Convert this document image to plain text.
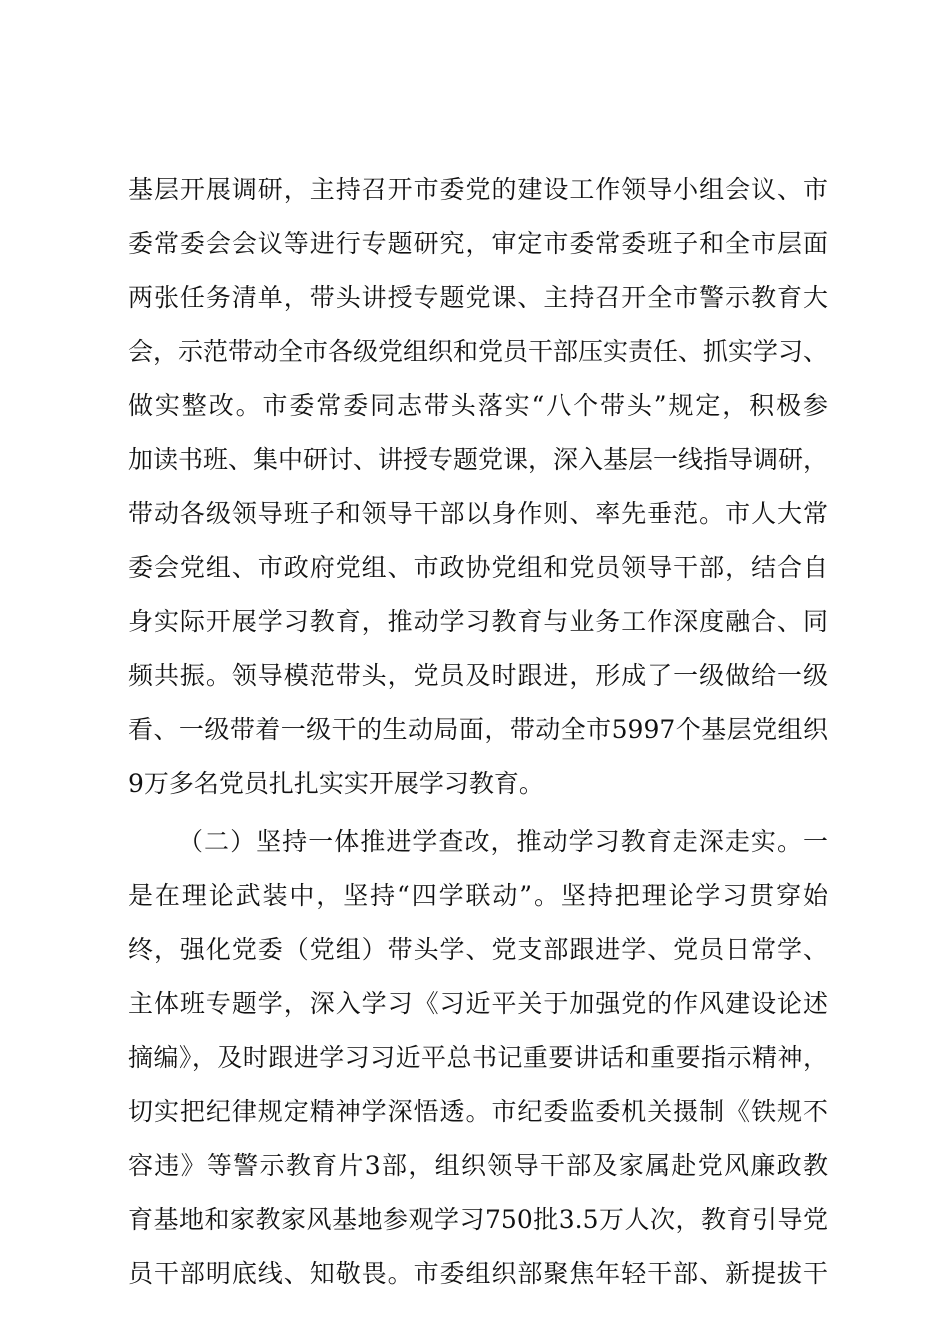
基层开展调研，主持召开市委党的建设工作领导小组会议、市
委常委会会议等进行专题研究，审定市委常委班子和全市层面
两张任务清单，带头讲授专题党课、主持召开全市警示教育大
会，示范带动全市各级党组织和党员干部压实责任、抓实学习、
做实整改。市委常委同志带头落实“八个带头”规定，积极参
加读书班、集中研讨、讲授专题党课，深入基层一线指导调研，
带动各级领导班子和领导干部以身作则、率先垂范。市人大常
委会党组、市政府党组、市政协党组和党员领导干部，结合自
身实际开展学习教育，推动学习教育与业务工作深度融合、同
频共振。领导模范带头，党员及时跟进，形成了一级做给一级
看、一级带着一级干的生动局面，带动全市5997个基层党组织
9万多名党员扎扎实实开展学习教育。
（二）坚持一体推进学查改，推动学习教育走深走实。一
是在理论武装中，坚持“四学联动”。坚持把理论学习贯穿始
终，强化党委（党组）带头学、党支部跟进学、党员日常学、
主体班专题学，深入学习《习近平关于加强党的作风建设论述
摘编》，及时跟进学习习近平总书记重要讲话和重要指示精神，
切实把纪律规定精神学深悟透。市纪委监委机关摄制《铁规不
容违》等警示教育片3部，组织领导干部及家属赴党风廉政教
育基地和家教家风基地参观学习750批3.5万人次，教育引导党
员干部明底线、知敬畏。市委组织部聚焦年轻干部、新提拔干
